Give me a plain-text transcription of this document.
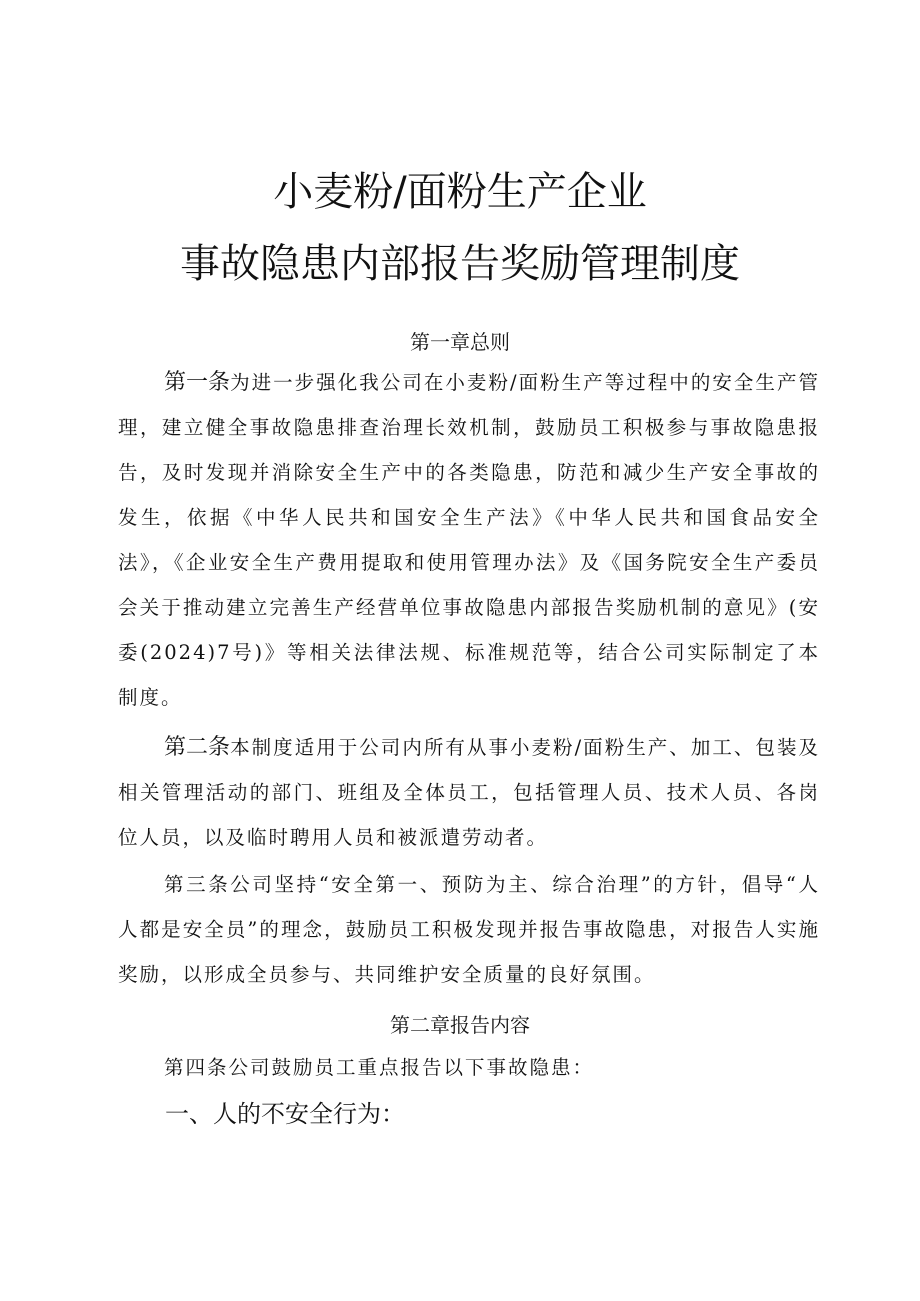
小麦粉/面粉生产企业
事故隐患内部报告奖励管理制度
第一章总则

第一条为进一步强化我公司在小麦粉/面粉生产等过程中的安全生产管理，建立健全事故隐患排查治理长效机制，鼓励员工积极参与事故隐患报告，及时发现并消除安全生产中的各类隐患，防范和减少生产安全事故的发生，依据《中华人民共和国安全生产法》《中华人民共和国食品安全法》，《企业安全生产费用提取和使用管理办法》及《国务院安全生产委员会关于推动建立完善生产经营单位事故隐患内部报告奖励机制的意见》(安委(2024)7号)》等相关法律法规、标准规范等，结合公司实际制定了本制度。

第二条本制度适用于公司内所有从事小麦粉/面粉生产、加工、包装及相关管理活动的部门、班组及全体员工，包括管理人员、技术人员、各岗位人员，以及临时聘用人员和被派遣劳动者。

第三条公司坚持“安全第一、预防为主、综合治理”的方针，倡导“人人都是安全员”的理念，鼓励员工积极发现并报告事故隐患，对报告人实施奖励，以形成全员参与、共同维护安全质量的良好氛围。

第二章报告内容

第四条公司鼓励员工重点报告以下事故隐患：

一、人的不安全行为：
